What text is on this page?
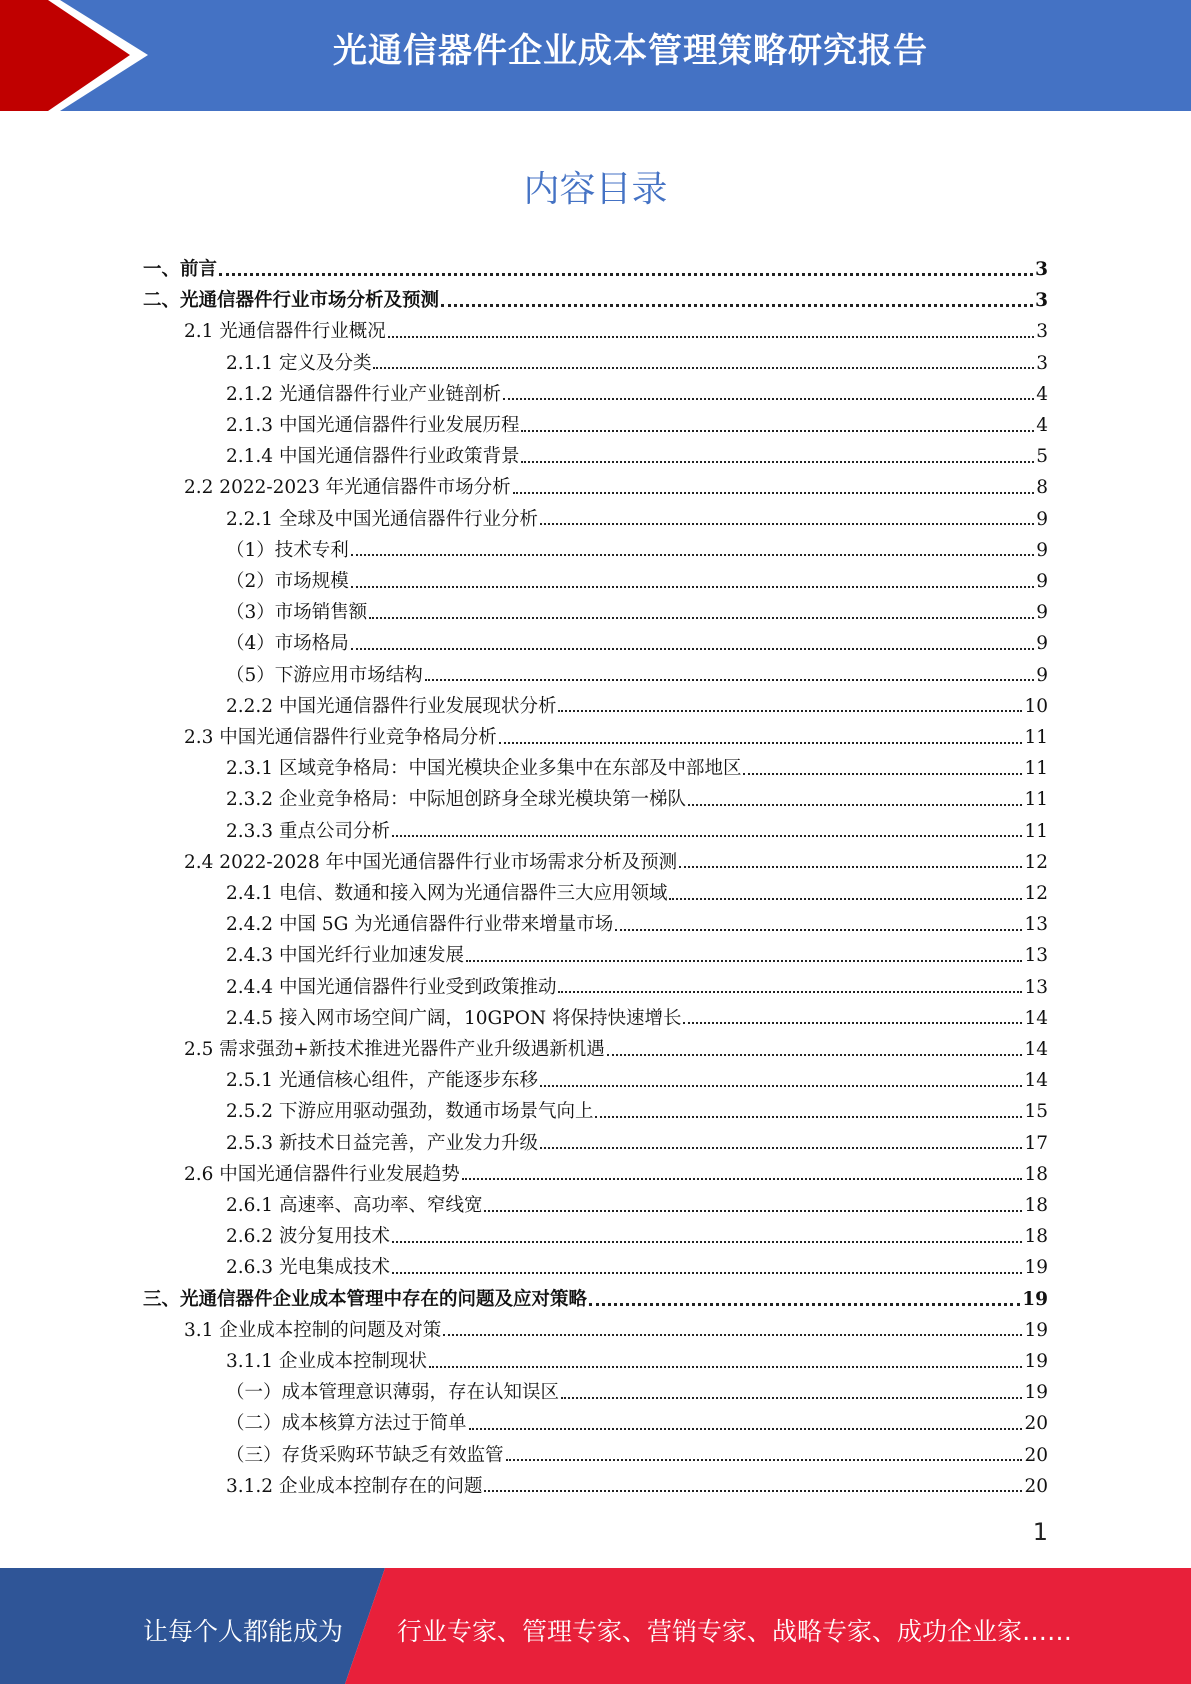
光通信器件企业成本管理策略研究报告
内容目录
一、前言	3
二、光通信器件行业市场分析及预测	3
2.1 光通信器件行业概况	3
2.1.1 定义及分类	3
2.1.2 光通信器件行业产业链剖析	4
2.1.3 中国光通信器件行业发展历程	4
2.1.4 中国光通信器件行业政策背景	5
2.2 2022-2023 年光通信器件市场分析	8
2.2.1 全球及中国光通信器件行业分析	9
（1）技术专利	9
（2）市场规模	9
（3）市场销售额	9
（4）市场格局	9
（5）下游应用市场结构	9
2.2.2 中国光通信器件行业发展现状分析	10
2.3 中国光通信器件行业竞争格局分析	11
2.3.1 区域竞争格局：中国光模块企业多集中在东部及中部地区	11
2.3.2 企业竞争格局：中际旭创跻身全球光模块第一梯队	11
2.3.3 重点公司分析	11
2.4 2022-2028 年中国光通信器件行业市场需求分析及预测	12
2.4.1 电信、数通和接入网为光通信器件三大应用领域	12
2.4.2 中国 5G 为光通信器件行业带来增量市场	13
2.4.3 中国光纤行业加速发展	13
2.4.4 中国光通信器件行业受到政策推动	13
2.4.5 接入网市场空间广阔，10GPON 将保持快速增长	14
2.5 需求强劲+新技术推进光器件产业升级遇新机遇	14
2.5.1 光通信核心组件，产能逐步东移	14
2.5.2 下游应用驱动强劲，数通市场景气向上	15
2.5.3 新技术日益完善，产业发力升级	17
2.6 中国光通信器件行业发展趋势	18
2.6.1 高速率、高功率、窄线宽	18
2.6.2 波分复用技术	18
2.6.3 光电集成技术	19
三、光通信器件企业成本管理中存在的问题及应对策略	19
3.1 企业成本控制的问题及对策	19
3.1.1 企业成本控制现状	19
（一）成本管理意识薄弱，存在认知误区	19
（二）成本核算方法过于简单	20
（三）存货采购环节缺乏有效监管	20
3.1.2 企业成本控制存在的问题	20
1
让每个人都能成为 行业专家、管理专家、营销专家、战略专家、成功企业家……
